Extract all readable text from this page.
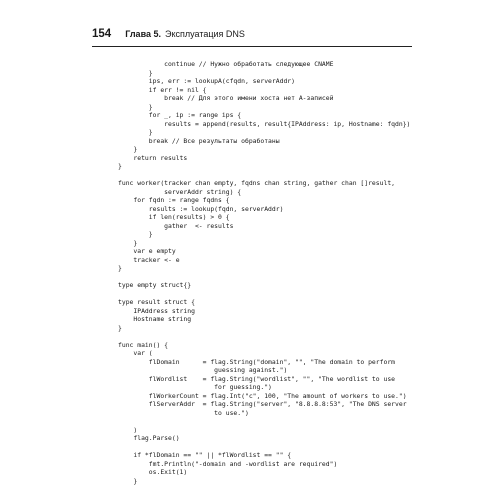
154 Глава 5. Эксплуатация DNS
continue // Нужно обработать следующее CNAME
}
ips, err := lookupA(cfqdn, serverAddr)
if err != nil {
break // Для этого имени хоста нет A-записей
}
for _, ip := range ips {
results = append(results, result{IPAddress: ip, Hostname: fqdn})
}
break // Все результаты обработаны
}
return results
}
func worker(tracker chan empty, fqdns chan string, gather chan []result,
serverAddr string) {
for fqdn := range fqdns {
results := lookup(fqdn, serverAddr)
if len(results) > 0 {
gather  <- results
}
}
var e empty
tracker <- e
}
type empty struct{}
type result struct {
IPAddress string
Hostname string
}
func main() {
var (
flDomain      = flag.String("domain", "", "The domain to perform
guessing against.")
flWordlist    = flag.String("wordlist", "", "The wordlist to use
for guessing.")
flWorkerCount = flag.Int("c", 100, "The amount of workers to use.")
flServerAddr  = flag.String("server", "8.8.8.8:53", "The DNS server
to use.")
)
flag.Parse()
if *flDomain == "" || *flWordlist == "" {
fmt.Println("-domain and -wordlist are required")
os.Exit(1)
}
